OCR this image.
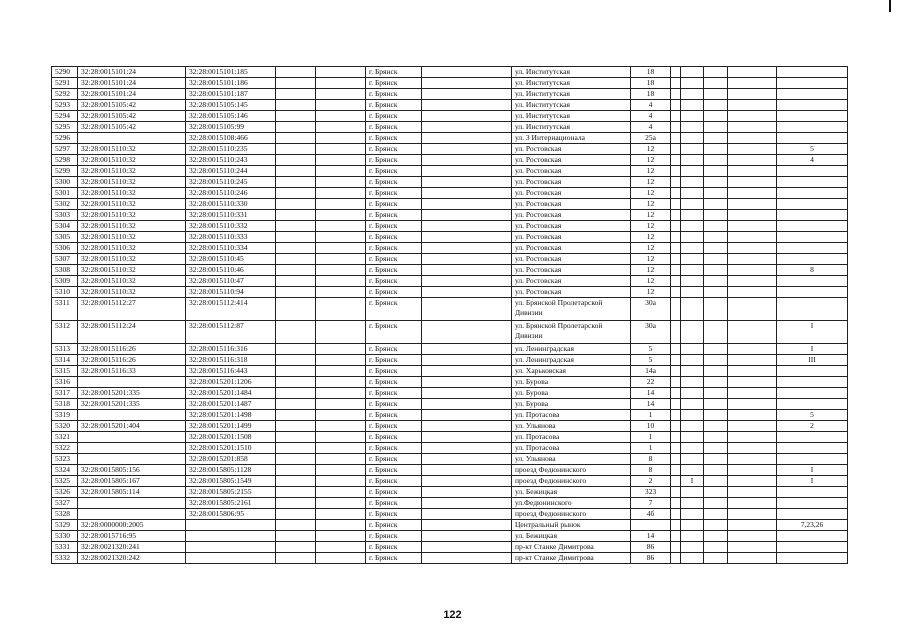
5290	32:28:0015101:24	32:28:0015101:185			г. Брянск		ул. Институтская	18					
5291	32:28:0015101:24	32:28:0015101:186			г. Брянск		ул. Институтская	18					
5292	32:28:0015101:24	32:28:0015101:187			г. Брянск		ул. Институтская	18					
5293	32:28:0015105:42	32:28:0015105:145			г. Брянск		ул. Институтская	4					
5294	32:28:0015105:42	32:28:0015105:146			г. Брянск		ул. Институтская	4					
5295	32:28:0015105:42	32:28:0015105:99			г. Брянск		ул. Институтская	4					
5296		32:28:0015108:466			г. Брянск		ул. 3 Интернационала	25а					
5297	32:28:0015110:32	32:28:0015110:235			г. Брянск		ул. Ростовская	12					5
5298	32:28:0015110:32	32:28:0015110:243			г. Брянск		ул. Ростовская	12					4
5299	32:28:0015110:32	32:28:0015110:244			г. Брянск		ул. Ростовская	12					
5300	32:28:0015110:32	32:28:0015110:245			г. Брянск		ул. Ростовская	12					
5301	32:28:0015110:32	32:28:0015110:246			г. Брянск		ул. Ростовская	12					
5302	32:28:0015110:32	32:28:0015110:330			г. Брянск		ул. Ростовская	12					
5303	32:28:0015110:32	32:28:0015110:331			г. Брянск		ул. Ростовская	12					
5304	32:28:0015110:32	32:28:0015110:332			г. Брянск		ул. Ростовская	12					
5305	32:28:0015110:32	32:28:0015110:333			г. Брянск		ул. Ростовская	12					
5306	32:28:0015110:32	32:28:0015110:334			г. Брянск		ул. Ростовская	12					
5307	32:28:0015110:32	32:28:0015110:45			г. Брянск		ул. Ростовская	12					
5308	32:28:0015110:32	32:28:0015110:46			г. Брянск		ул. Ростовская	12					8
5309	32:28:0015110:32	32:28:0015110:47			г. Брянск		ул. Ростовская	12					
5310	32:28:0015110:32	32:28:0015110:94			г. Брянск		ул. Ростовская	12					
5311	32:28:0015112:27	32:28:0015112:414			г. Брянск		ул. Брянской Пролетарской Дивизии	30а					
5312	32:28:0015112:24	32:28:0015112:87			г. Брянск		ул. Брянской Пролетарской Дивизии	30а					I
5313	32:28:0015116:26	32:28:0015116:316			г. Брянск		ул. Ленинградская	5					I
5314	32:28:0015116:26	32:28:0015116:318			г. Брянск		ул. Ленинградская	5					III
5315	32:28:0015116:33	32:28:0015116:443			г. Брянск		ул. Харьковская	14а					
5316		32:28:0015201:1206			г. Брянск		ул. Бурова	22					
5317	32:28:0015201:335	32:28:0015201:1484			г. Брянск		ул. Бурова	14					
5318	32:28:0015201:335	32:28:0015201:1487			г. Брянск		ул. Бурова	14					
5319		32:28:0015201:1498			г. Брянск		ул. Протасова	1					5
5320	32:28:0015201:404	32:28:0015201:1499			г. Брянск		ул. Ульянова	10					2
5321		32:28:0015201:1508			г. Брянск		ул. Протасова	1					
5322		32:28:0015201:1510			г. Брянск		ул. Протасова	1					
5323		32:28:0015201:858			г. Брянск		ул. Ульянова	8					
5324	32:28:0015805:156	32:28:0015805:1128			г. Брянск		проезд Федюнинского	8					I
5325	32:28:0015805:167	32:28:0015805:1549			г. Брянск		проезд Федюнинского	2		I			I
5326	32:28:0015805:114	32:28:0015805:2155			г. Брянск		ул. Бежицкая	323					
5327		32:28:0015805:2161			г. Брянск		ул.Федюнинского	7					
5328		32:28:0015806:95			г. Брянск		проезд Федюнинского	4б					
5329	32:28:0000000:2005				г. Брянск		Центральный рынок						7,23,26
5330	32:28:0015716:95				г. Брянск		ул. Бежицкая	14					
5331	32:28:0021320:241				г. Брянск		пр-кт Станке Димитрова	86					
5332	32:28:0021320:242				г. Брянск		пр-кт Станке Димитрова	86					
122
